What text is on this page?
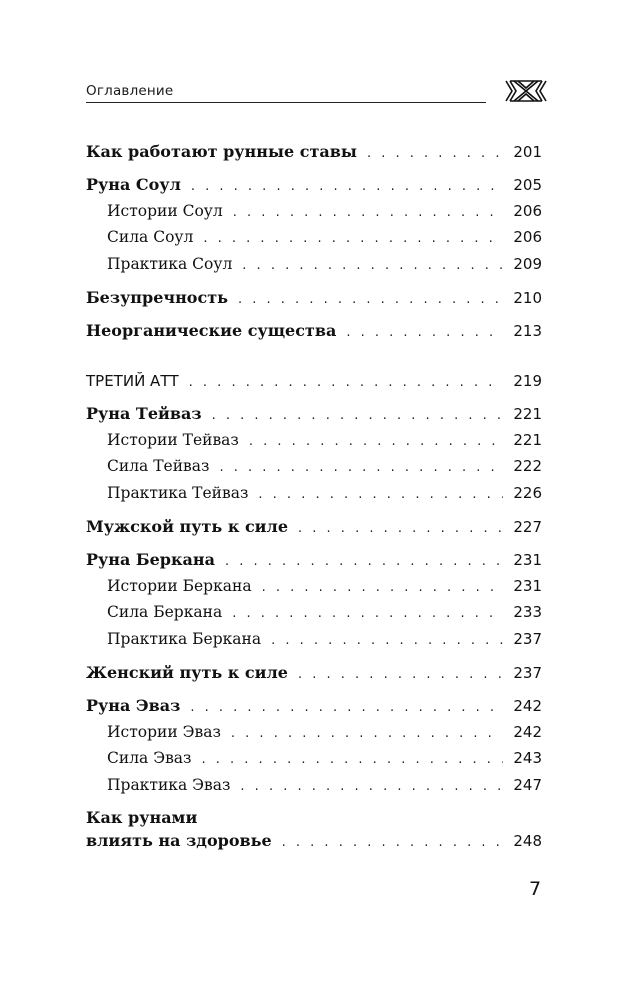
Оглавление
Как работают рунные ставы . . .	201
Руна Соул . . .	205
Истории Соул . . .	206
Сила Соул . . .	206
Практика Соул . . .	209
Безупречность . . .	210
Неорганические существа . . .	213
ТРЕТИЙ АТТ . . .	219
Руна Тейваз . . .	221
Истории Тейваз . . .	221
Сила Тейваз . . .	222
Практика Тейваз . . .	226
Мужской путь к силе . . .	227
Руна Беркана . . .	231
Истории Беркана . . .	231
Сила Беркана . . .	233
Практика Беркана . . .	237
Женский путь к силе . . .	237
Руна Эваз . . .	242
Истории Эваз . . .	242
Сила Эваз . . .	243
Практика Эваз . . .	247
Как рунами
влиять на здоровье . . .	248
7
